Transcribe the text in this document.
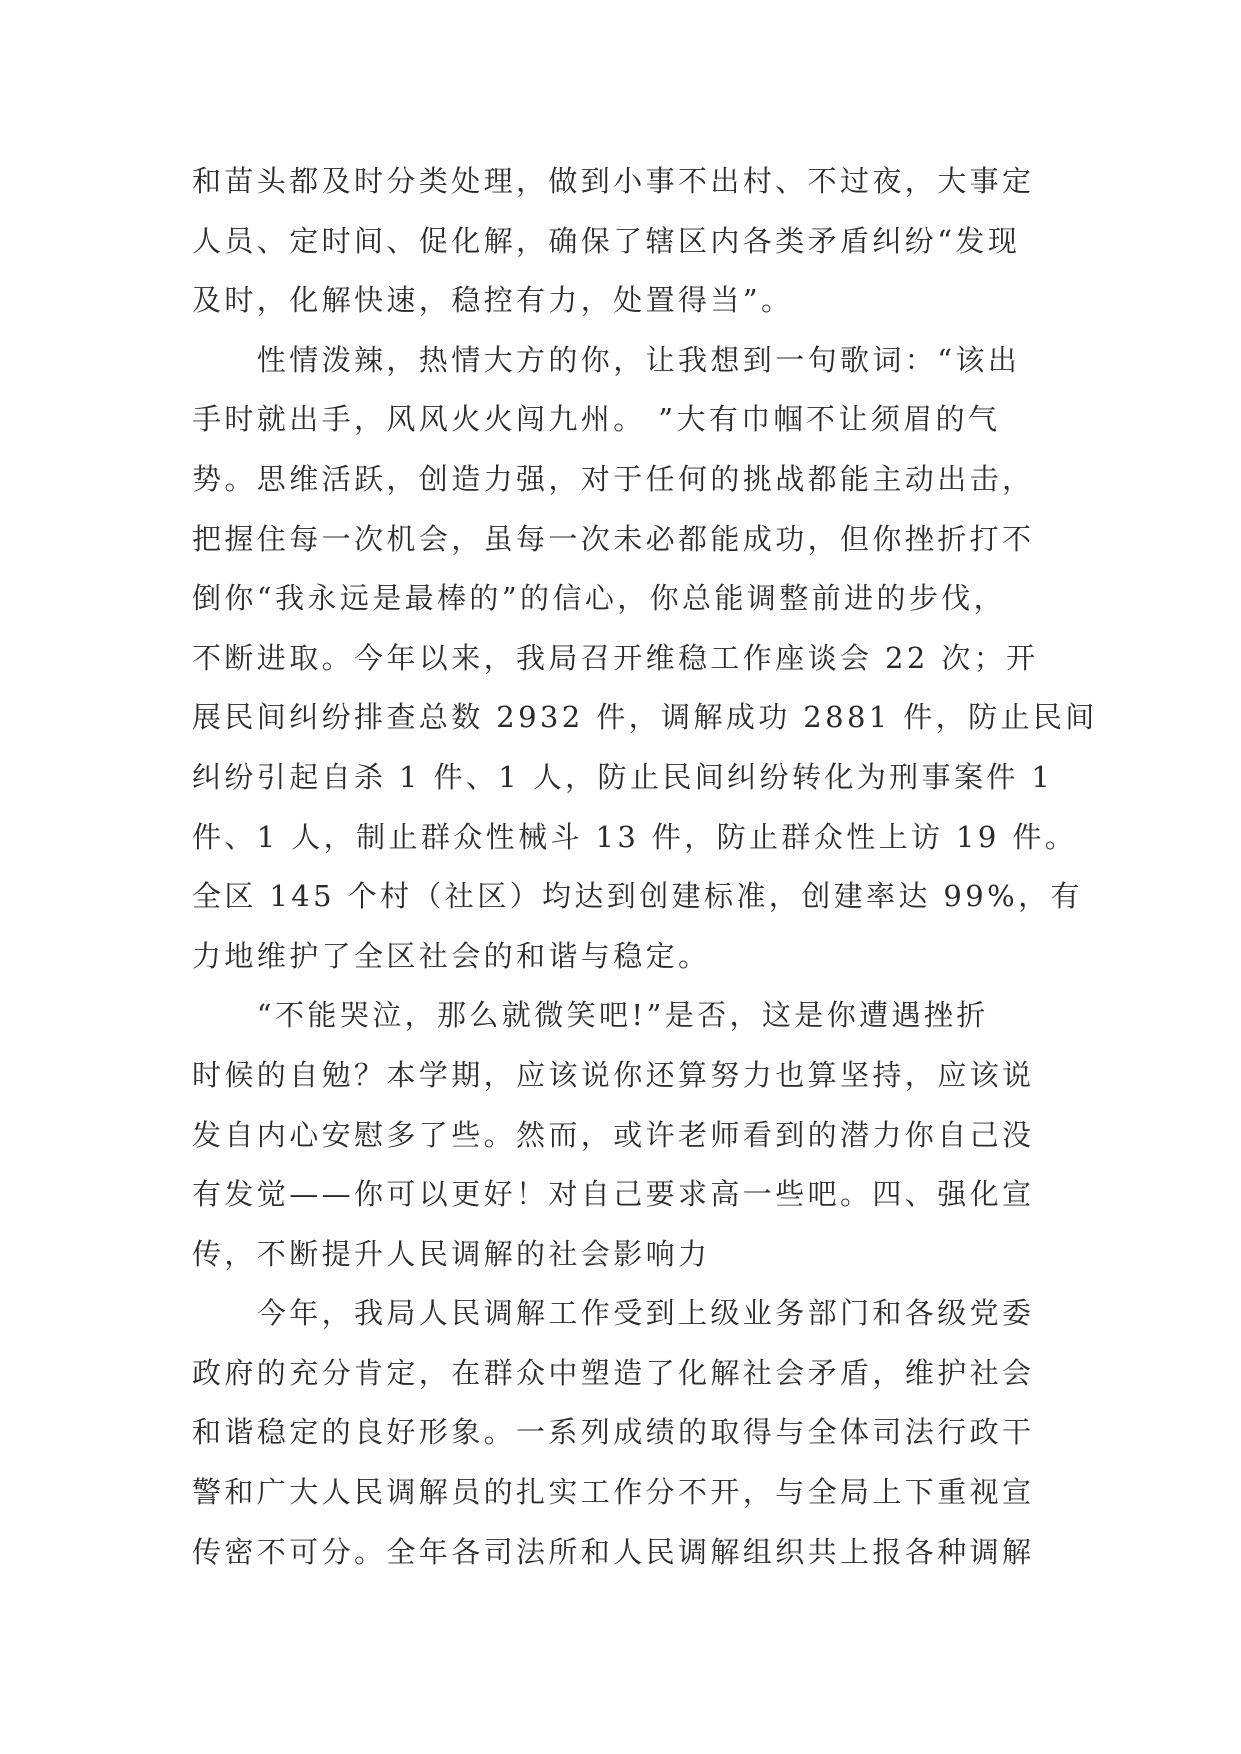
和苗头都及时分类处理，做到小事不出村、不过夜，大事定
人员、定时间、促化解，确保了辖区内各类矛盾纠纷“发现
及时，化解快速，稳控有力，处置得当”。
　　性情泼辣，热情大方的你，让我想到一句歌词：“该出
手时就出手，风风火火闯九州。 ”大有巾帼不让须眉的气
势。思维活跃，创造力强，对于任何的挑战都能主动出击，
把握住每一次机会，虽每一次未必都能成功，但你挫折打不
倒你“我永远是最棒的”的信心，你总能调整前进的步伐，
不断进取。今年以来，我局召开维稳工作座谈会 22 次；开
展民间纠纷排查总数 2932 件，调解成功 2881 件，防止民间
纠纷引起自杀 1 件、1 人，防止民间纠纷转化为刑事案件 1
件、1 人，制止群众性械斗 13 件，防止群众性上访 19 件。
全区 145 个村（社区）均达到创建标准，创建率达 99%，有
力地维护了全区社会的和谐与稳定。
　　“不能哭泣，那么就微笑吧!”是否，这是你遭遇挫折
时候的自勉？本学期，应该说你还算努力也算坚持，应该说
发自内心安慰多了些。然而，或许老师看到的潜力你自己没
有发觉——你可以更好！对自己要求高一些吧。四、强化宣
传，不断提升人民调解的社会影响力
　　今年，我局人民调解工作受到上级业务部门和各级党委
政府的充分肯定，在群众中塑造了化解社会矛盾，维护社会
和谐稳定的良好形象。一系列成绩的取得与全体司法行政干
警和广大人民调解员的扎实工作分不开，与全局上下重视宣
传密不可分。全年各司法所和人民调解组织共上报各种调解
